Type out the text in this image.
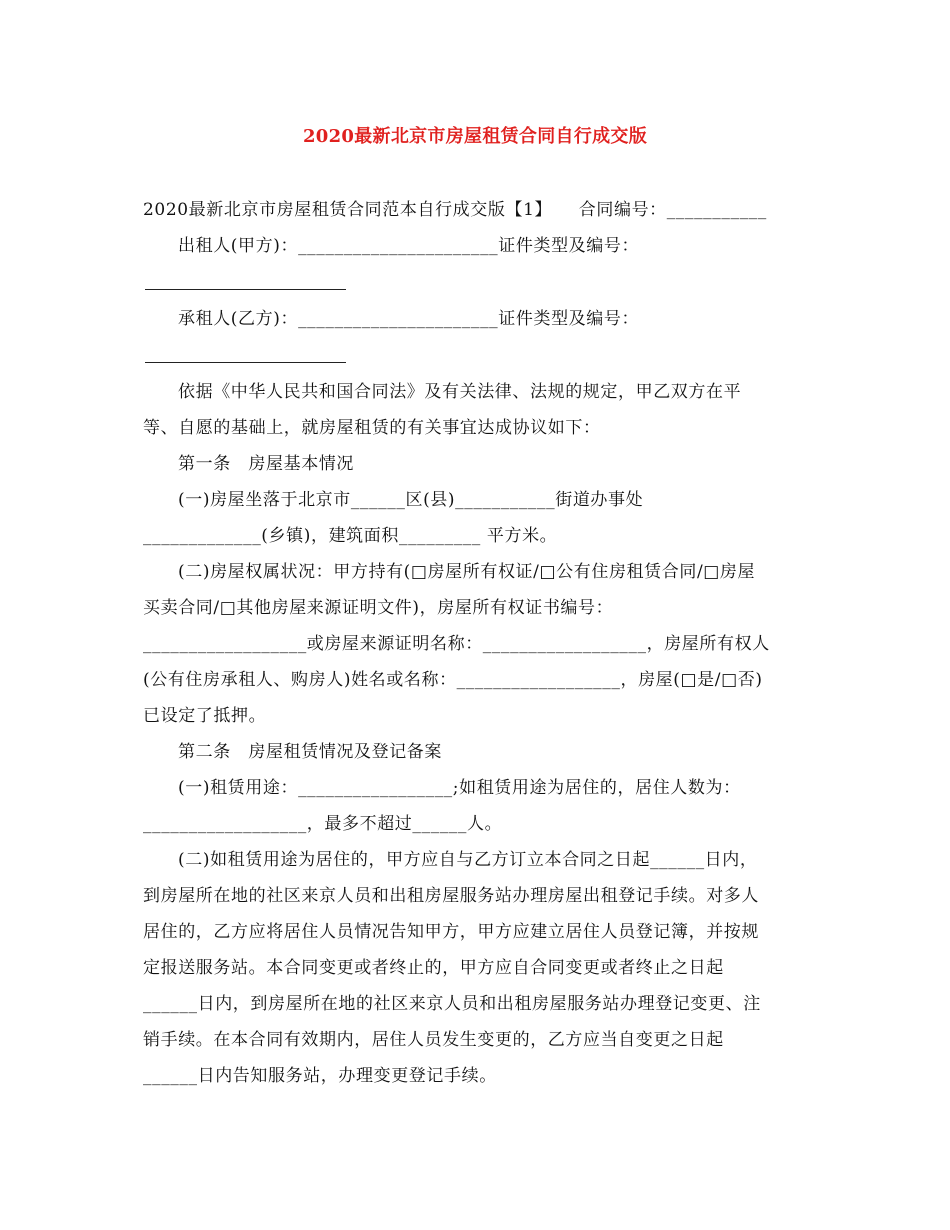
2020最新北京市房屋租赁合同自行成交版
2020最新北京市房屋租赁合同范本自行成交版【1】　　合同编号：___________
出租人(甲方)：______________________证件类型及编号：
承租人(乙方)：______________________证件类型及编号：
依据《中华人民共和国合同法》及有关法律、法规的规定，甲乙双方在平
等、自愿的基础上，就房屋租赁的有关事宜达成协议如下：
第一条　房屋基本情况
(一)房屋坐落于北京市______区(县)___________街道办事处
_____________(乡镇)，建筑面积_________ 平方米。
(二)房屋权属状况：甲方持有(□房屋所有权证/□公有住房租赁合同/□房屋
买卖合同/□其他房屋来源证明文件)，房屋所有权证书编号：
__________________或房屋来源证明名称：__________________，房屋所有权人
(公有住房承租人、购房人)姓名或名称：__________________，房屋(□是/□否)
已设定了抵押。
第二条　房屋租赁情况及登记备案
(一)租赁用途：_________________;如租赁用途为居住的，居住人数为：
__________________，最多不超过______人。
(二)如租赁用途为居住的，甲方应自与乙方订立本合同之日起______日内，
到房屋所在地的社区来京人员和出租房屋服务站办理房屋出租登记手续。对多人
居住的，乙方应将居住人员情况告知甲方，甲方应建立居住人员登记簿，并按规
定报送服务站。本合同变更或者终止的，甲方应自合同变更或者终止之日起
______日内，到房屋所在地的社区来京人员和出租房屋服务站办理登记变更、注
销手续。在本合同有效期内，居住人员发生变更的，乙方应当自变更之日起
______日内告知服务站，办理变更登记手续。
